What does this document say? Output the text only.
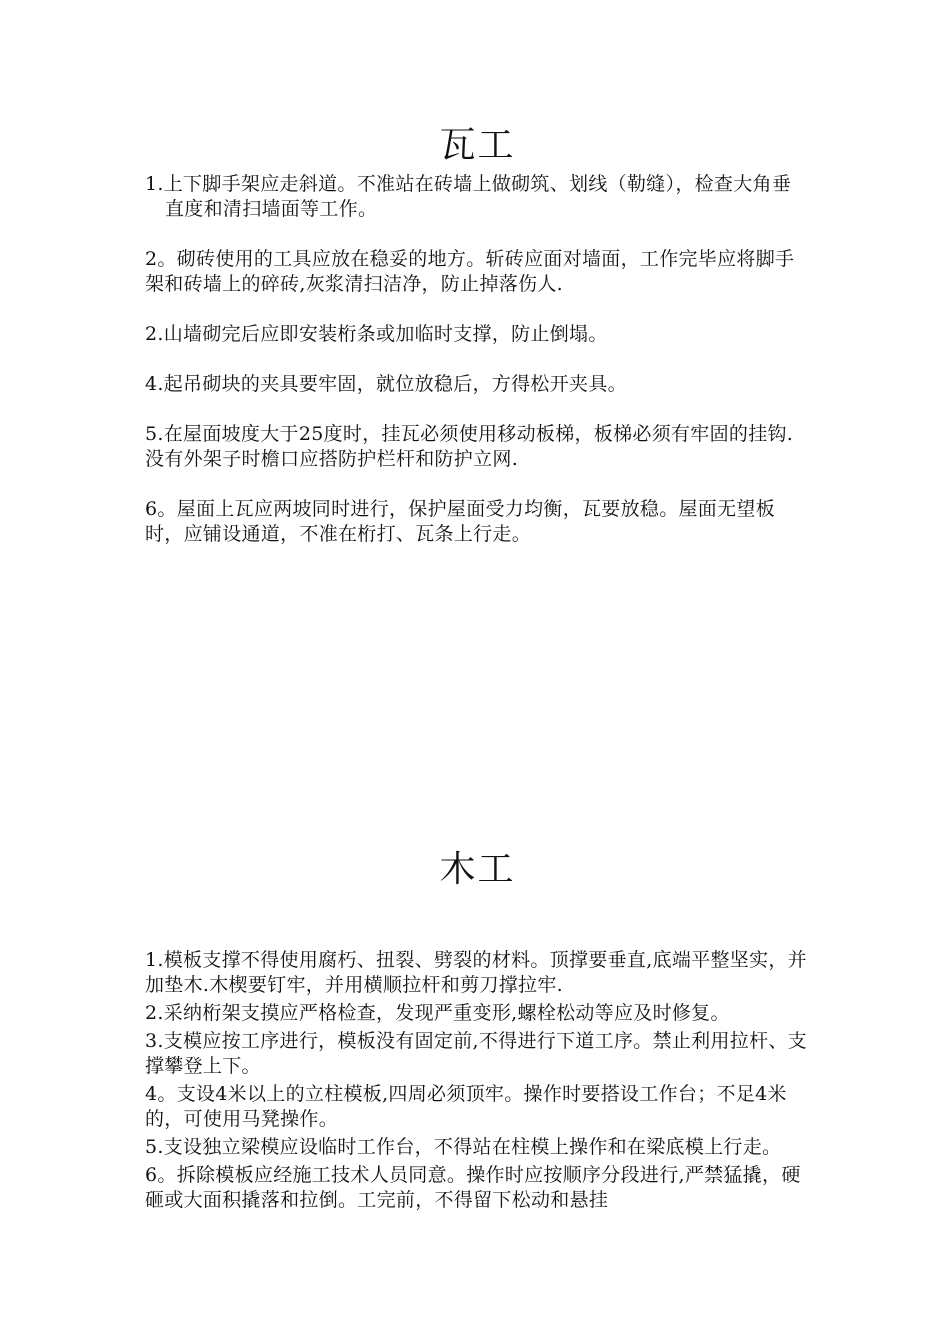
瓦工

1.上下脚手架应走斜道。不准站在砖墙上做砌筑、划线（勒缝），检查大角垂直度和清扫墙面等工作。

2。砌砖使用的工具应放在稳妥的地方。斩砖应面对墙面，工作完毕应将脚手架和砖墙上的碎砖,灰浆清扫洁净，防止掉落伤人.

2.山墙砌完后应即安装桁条或加临时支撑，防止倒塌。

4.起吊砌块的夹具要牢固，就位放稳后，方得松开夹具。

5.在屋面坡度大于25度时，挂瓦必须使用移动板梯，板梯必须有牢固的挂钩.没有外架子时檐口应搭防护栏杆和防护立网.

6。屋面上瓦应两坡同时进行，保护屋面受力均衡，瓦要放稳。屋面无望板时，应铺设通道，不准在桁打、瓦条上行走。

木工

1.模板支撑不得使用腐朽、扭裂、劈裂的材料。顶撑要垂直,底端平整坚实，并加垫木.木楔要钉牢，并用横顺拉杆和剪刀撑拉牢.

2.采纳桁架支摸应严格检查，发现严重变形,螺栓松动等应及时修复。

3.支模应按工序进行，模板没有固定前,不得进行下道工序。禁止利用拉杆、支撑攀登上下。

4。支设4米以上的立柱模板,四周必须顶牢。操作时要搭设工作台；不足4米的，可使用马凳操作。

5.支设独立梁模应设临时工作台，不得站在柱模上操作和在梁底模上行走。

6。拆除模板应经施工技术人员同意。操作时应按顺序分段进行,严禁猛撬，硬砸或大面积撬落和拉倒。工完前，不得留下松动和悬挂
